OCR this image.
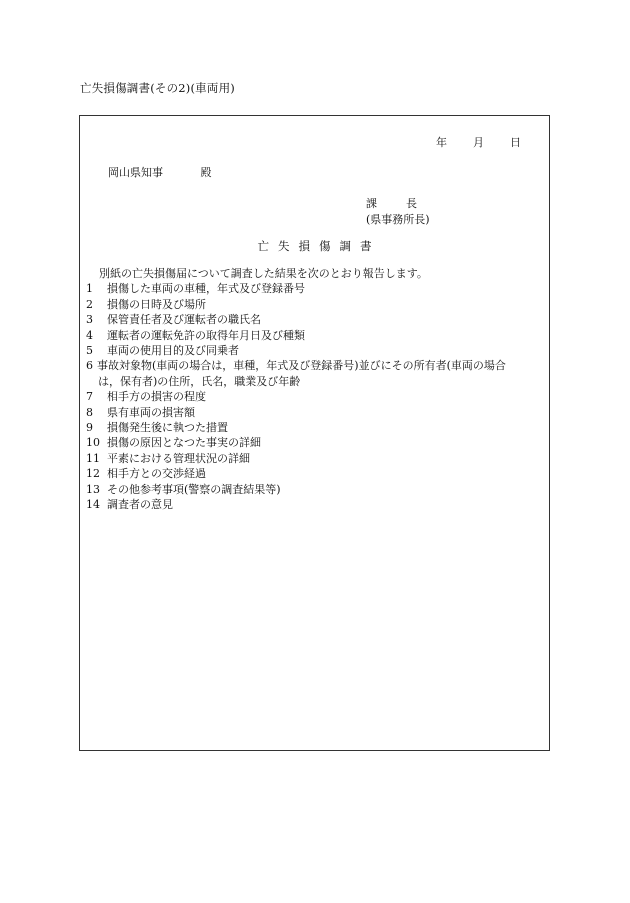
亡失損傷調書(その2)(車両用)
年 月 日
岡山県知事	殿
課	長
(県事務所長)
亡失損傷調書
別紙の亡失損傷届について調査した結果を次のとおり報告します。
1	損傷した車両の車種，年式及び登録番号
2	損傷の日時及び場所
3	保管責任者及び運転者の職氏名
4	運転者の運転免許の取得年月日及び種類
5	車両の使用目的及び同乗者
6 事故対象物(車両の場合は，車種，年式及び登録番号)並びにその所有者(車両の場合
は，保有者)の住所，氏名，職業及び年齢
7	相手方の損害の程度
8	県有車両の損害額
9	損傷発生後に執つた措置
10 損傷の原因となつた事実の詳細
11 平素における管理状況の詳細
12 相手方との交渉経過
13 その他参考事項(警察の調査結果等)
14 調査者の意見
